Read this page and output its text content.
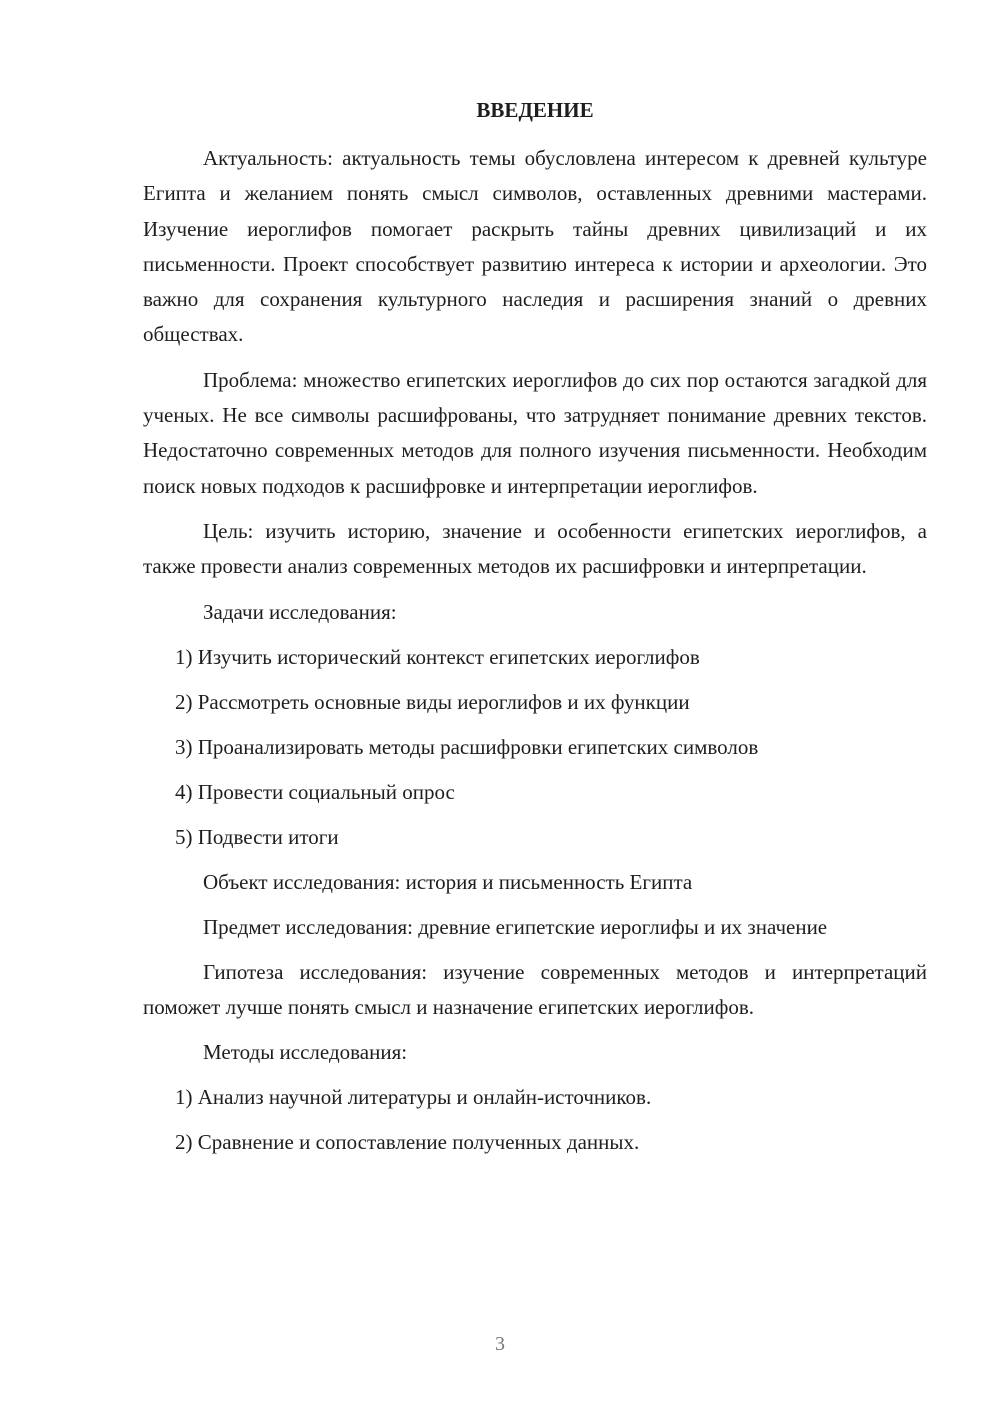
ВВЕДЕНИЕ

Актуальность: актуальность темы обусловлена интересом к древней культуре Египта и желанием понять смысл символов, оставленных древними мастерами. Изучение иероглифов помогает раскрыть тайны древних цивилизаций и их письменности. Проект способствует развитию интереса к истории и археологии. Это важно для сохранения культурного наследия и расширения знаний о древних обществах.

Проблема: множество египетских иероглифов до сих пор остаются загадкой для ученых. Не все символы расшифрованы, что затрудняет понимание древних текстов. Недостаточно современных методов для полного изучения письменности. Необходим поиск новых подходов к расшифровке и интерпретации иероглифов.

Цель: изучить историю, значение и особенности египетских иероглифов, а также провести анализ современных методов их расшифровки и интерпретации.

Задачи исследования:
1) Изучить исторический контекст египетских иероглифов
2) Рассмотреть основные виды иероглифов и их функции
3) Проанализировать методы расшифровки египетских символов
4) Провести социальный опрос
5) Подвести итоги
Объект исследования: история и письменность Египта

Предмет исследования: древние египетские иероглифы и их значение

Гипотеза исследования: изучение современных методов и интерпретаций поможет лучше понять смысл и назначение египетских иероглифов.

Методы исследования:
1) Анализ научной литературы и онлайн-источников.
2) Сравнение и сопоставление полученных данных.
3
